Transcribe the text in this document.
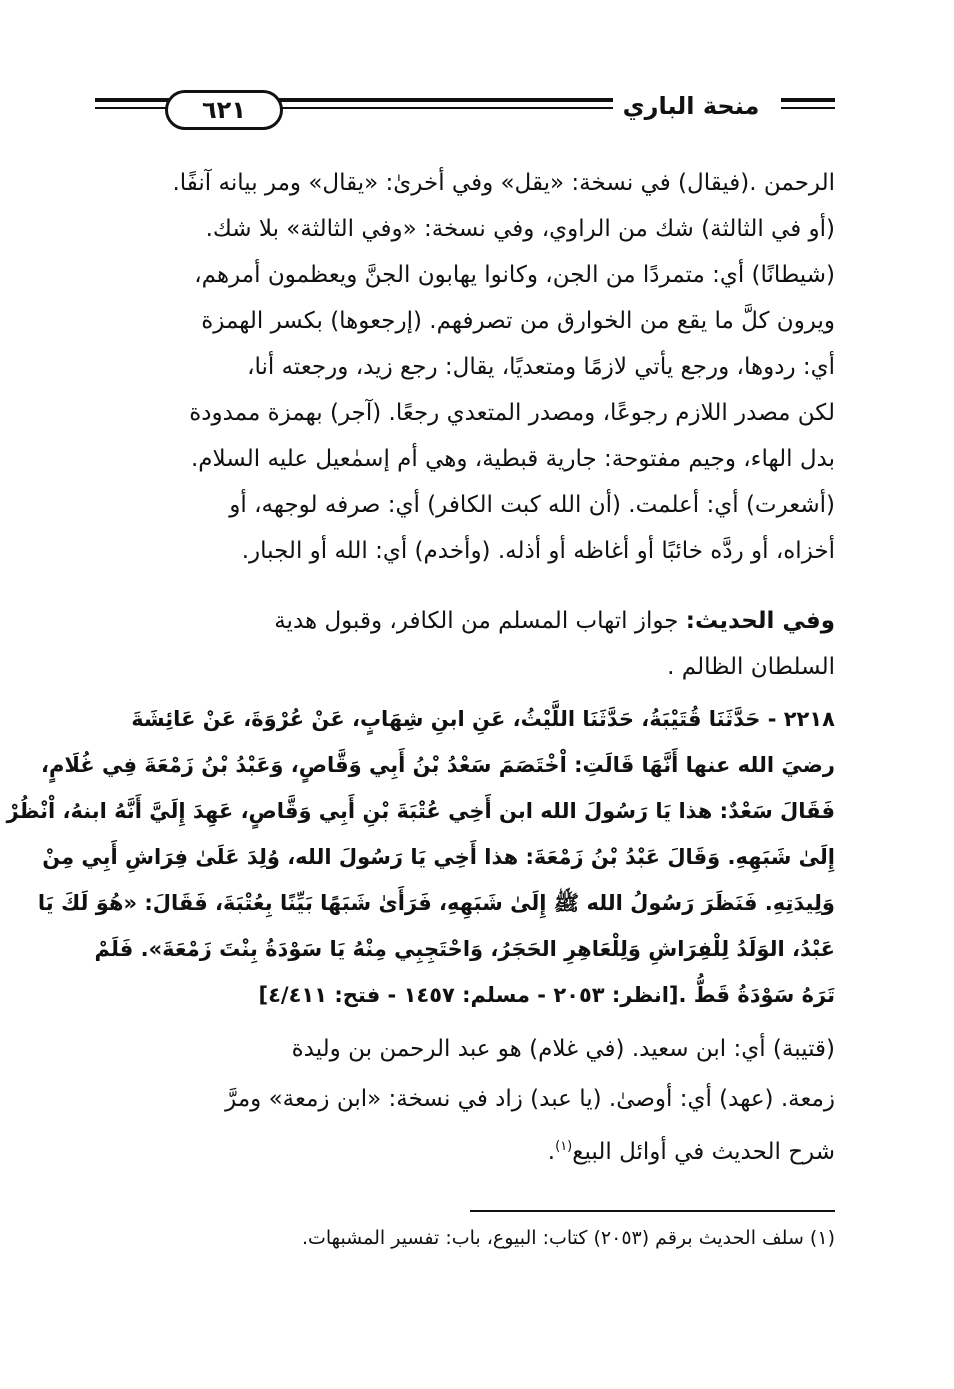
٦٢١	منحة الباري
الرحمن .(فيقال) في نسخة: «يقل» وفي أخرىٰ: «يقال» ومر بيانه آنفًا.
(أو في الثالثة) شك من الراوي، وفي نسخة: «وفي الثالثة» بلا شك.
(شيطانًا) أي: متمردًا من الجن، وكانوا يهابون الجنَّ ويعظمون أمرهم،
ويرون كلَّ ما يقع من الخوارق من تصرفهم. (إرجعوها) بكسر الهمزة
أي: ردوها، ورجع يأتي لازمًا ومتعديًا، يقال: رجع زيد، ورجعته أنا،
لكن مصدر اللازم رجوعًا، ومصدر المتعدي رجعًا. (آجر) بهمزة ممدودة
بدل الهاء، وجيم مفتوحة: جارية قبطية، وهي أم إسمٰعيل عليه السلام.
(أشعرت) أي: أعلمت. (أن الله كبت الكافر) أي: صرفه لوجهه، أو
أخزاه، أو ردَّه خائبًا أو أغاظه أو أذله. (وأخدم) أي: الله أو الجبار.
وفي الحديث: جواز اتهاب المسلم من الكافر، وقبول هدية
السلطان الظالم .
٢٢١٨ - حَدَّثَنَا قُتَيْبَةُ، حَدَّثَنَا اللَّيْثُ، عَنِ ابنِ شِهَابٍ، عَنْ عُرْوَةَ، عَنْ عَائِشَةَ
رضيَ الله عنها أَنَّهَا قَالَتِ: اْخْتَصَمَ سَعْدُ بْنُ أَبِي وَقَّاصٍ، وَعَبْدُ بْنُ زَمْعَةَ فِي غُلَامٍ،
فَقَالَ سَعْدٌ: هذا يَا رَسُولَ الله ابن أَخِي عُتْبَةَ بْنِ أَبِي وَقَّاصٍ، عَهِدَ إِلَيَّ أَنَّهُ ابنهُ، اْنْظُرْ
إِلَىٰ شَبَهِهِ. وَقَالَ عَبْدُ بْنُ زَمْعَةَ: هذا أَخِي يَا رَسُولَ الله، وُلِدَ عَلَىٰ فِرَاشِ أَبِي مِنْ
وَلِيدَتِهِ. فَنَظَرَ رَسُولُ الله ﷺ إِلَىٰ شَبَهِهِ، فَرَأَىٰ شَبَهًا بَيِّنًا بِعُتْبَةَ، فَقَالَ: «هُوَ لَكَ يَا
عَبْدُ، الوَلَدُ لِلْفِرَاشِ وَلِلْعَاهِرِ الحَجَرُ، وَاحْتَجِبِي مِنْهُ يَا سَوْدَةُ بِنْتَ زَمْعَةَ». فَلَمْ
تَرَهُ سَوْدَةُ قَطُّ .[انظر: ٢٠٥٣ - مسلم: ١٤٥٧ - فتح: ٤/٤١١]
(قتيبة) أي: ابن سعيد. (في غلام) هو عبد الرحمن بن وليدة
زمعة. (عهد) أي: أوصىٰ. (يا عبد) زاد في نسخة: «ابن زمعة» ومرَّ
شرح الحديث في أوائل البيع$^{(١)}$.
(١) سلف الحديث برقم (٢٠٥٣) كتاب: البيوع، باب: تفسير المشبهات.
